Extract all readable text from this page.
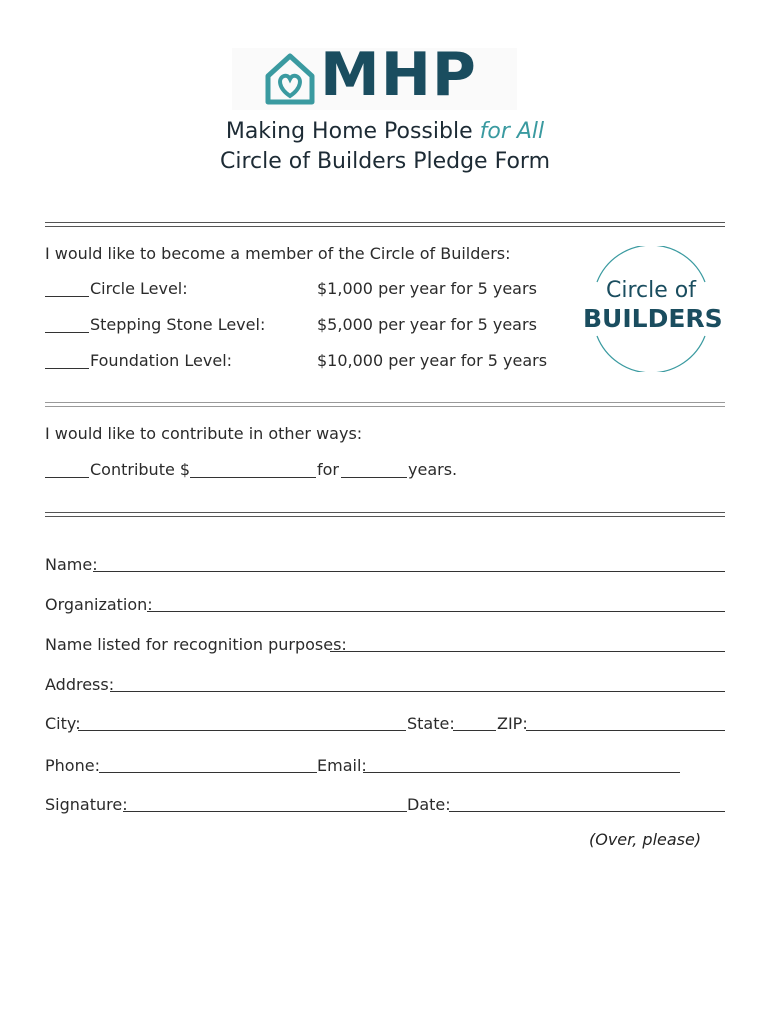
MHP
Making Home Possible for All
Circle of Builders Pledge Form
I would like to become a member of the Circle of Builders:
Circle Level:	$1,000 per year for 5 years
Stepping Stone Level:	$5,000 per year for 5 years
Foundation Level:	$10,000 per year for 5 years
Circle of
BUILDERS
I would like to contribute in other ways:
Contribute $	for	years.
Name:
Organization:
Name listed for recognition purposes:
Address:
City:	State:	ZIP:
Phone:	Email:
Signature:	Date:
(Over, please)
